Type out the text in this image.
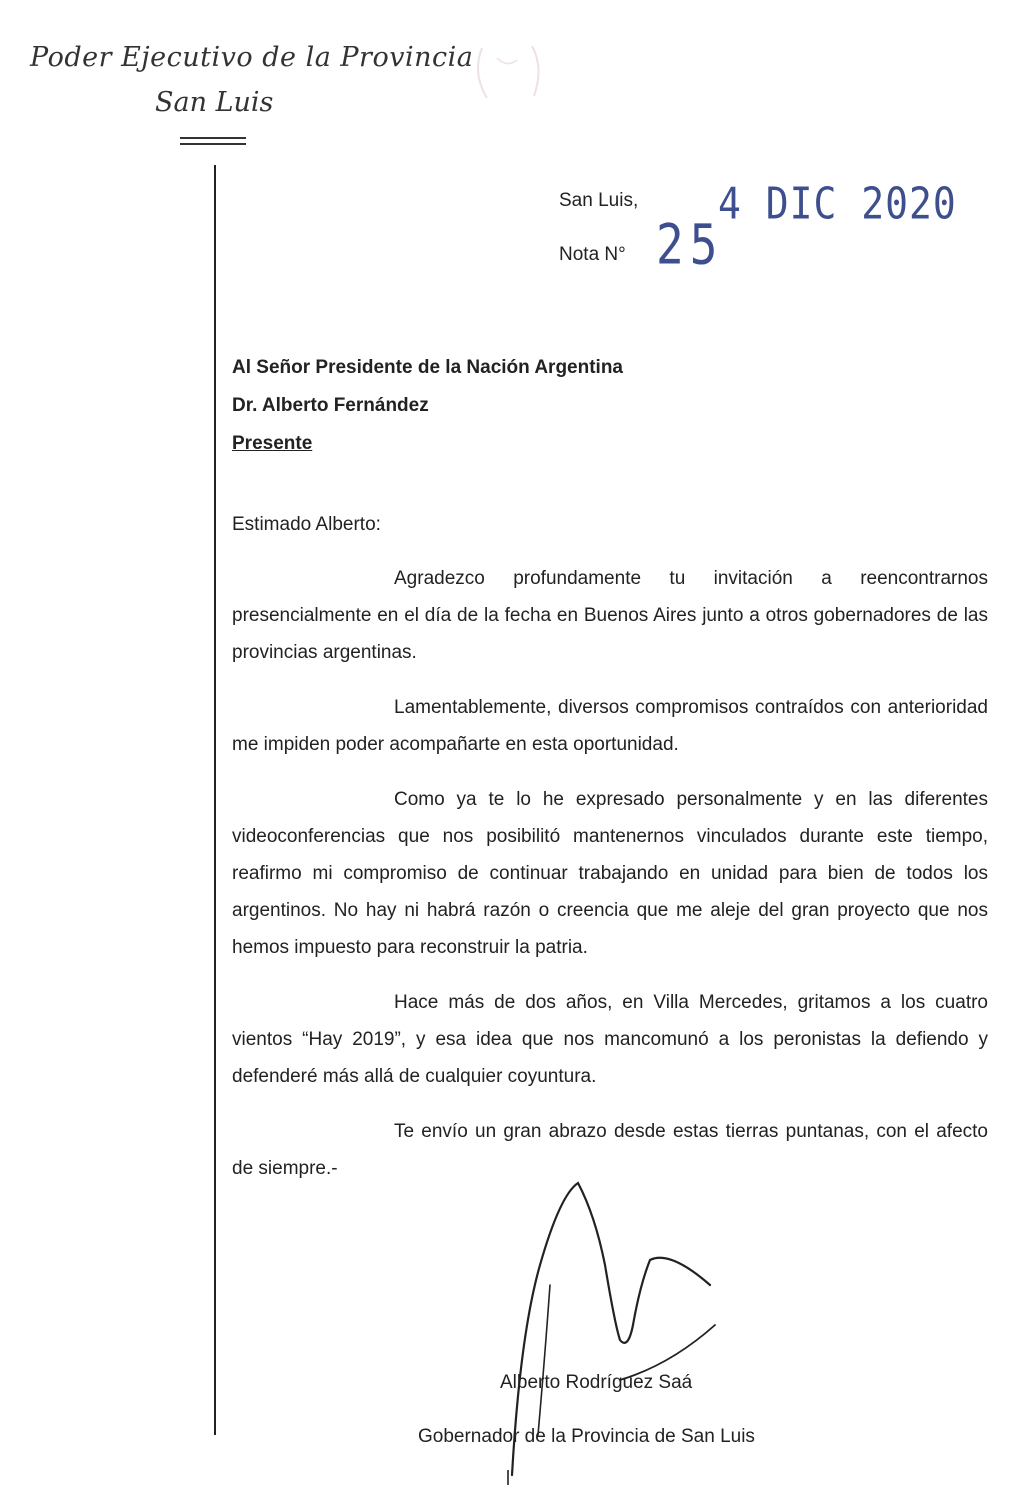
Poder Ejecutivo de la Provincia
San Luis
San Luis,
Nota N°
4 DIC 2020
25
Al Señor Presidente de la Nación Argentina
Dr. Alberto Fernández
Presente
Estimado Alberto:

Agradezco profundamente tu invitación a reencontrarnos presencialmente en el día de la fecha en Buenos Aires junto a otros gobernadores de las provincias argentinas.

Lamentablemente, diversos compromisos contraídos con anterioridad me impiden poder acompañarte en esta oportunidad.

Como ya te lo he expresado personalmente y en las diferentes videoconferencias que nos posibilitó mantenernos vinculados durante este tiempo, reafirmo mi compromiso de continuar trabajando en unidad para bien de todos los argentinos. No hay ni habrá razón o creencia que me aleje del gran proyecto que nos hemos impuesto para reconstruir la patria.

Hace más de dos años, en Villa Mercedes, gritamos a los cuatro vientos “Hay 2019”, y esa idea que nos mancomunó a los peronistas la defiendo y defenderé más allá de cualquier coyuntura.

Te envío un gran abrazo desde estas tierras puntanas, con el afecto de siempre.-

Alberto Rodríguez Saá
Gobernador de la Provincia de San Luis
